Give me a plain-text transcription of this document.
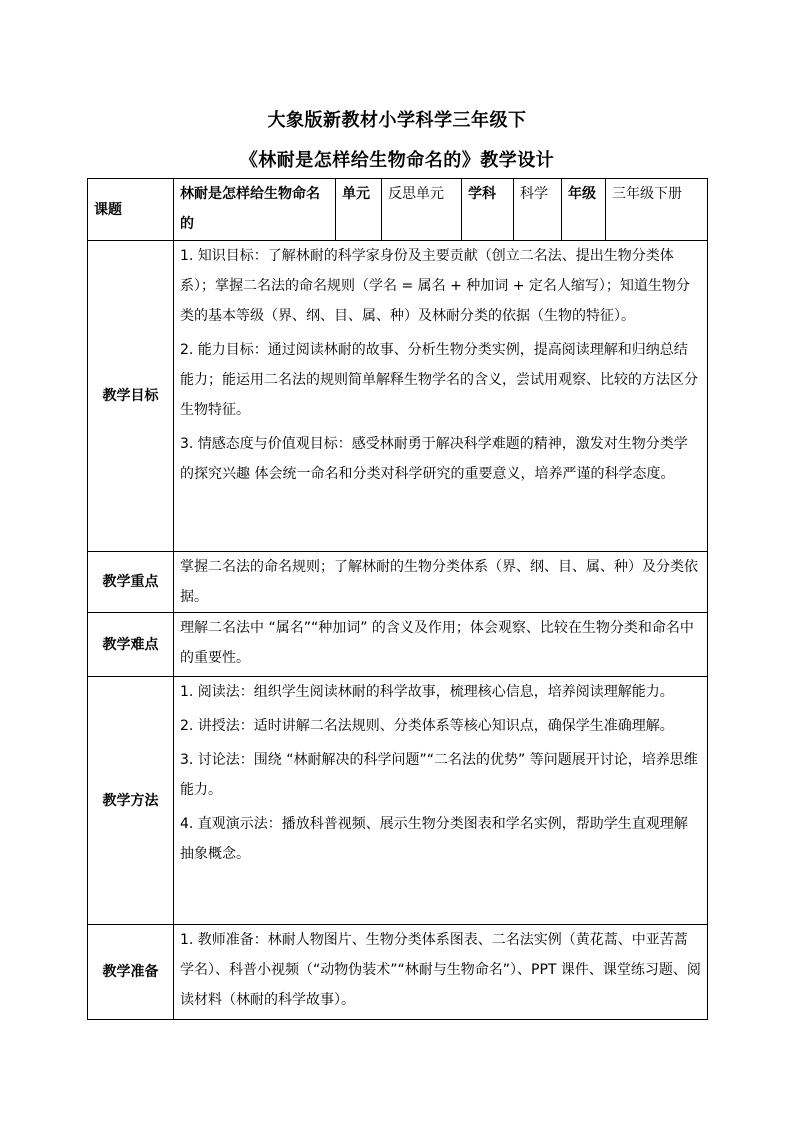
大象版新教材小学科学三年级下
《林耐是怎样给生物命名的》教学设计
课题	林耐是怎样给生物命名的	单元	反思单元	学科	科学	年级	三年级下册
教学目标	1. 知识目标：了解林耐的科学家身份及主要贡献（创立二名法、提出生物分类体系）；掌握二名法的命名规则（学名 = 属名 + 种加词 + 定名人缩写）；知道生物分类的基本等级（界、纲、目、属、种）及林耐分类的依据（生物的特征）。
2. 能力目标：通过阅读林耐的故事、分析生物分类实例，提高阅读理解和归纳总结能力；能运用二名法的规则简单解释生物学名的含义，尝试用观察、比较的方法区分生物特征。
3. 情感态度与价值观目标：感受林耐勇于解决科学难题的精神，激发对生物分类学的探究兴趣 体会统一命名和分类对科学研究的重要意义，培养严谨的科学态度。						

教学重点	掌握二名法的命名规则；了解林耐的生物分类体系（界、纲、目、属、种）及分类依据。						
教学难点	理解二名法中 “属名”“种加词” 的含义及作用；体会观察、比较在生物分类和命名中的重要性。						
教学方法	1. 阅读法：组织学生阅读林耐的科学故事，梳理核心信息，培养阅读理解能力。
2. 讲授法：适时讲解二名法规则、分类体系等核心知识点，确保学生准确理解。
3. 讨论法：围绕 “林耐解决的科学问题”“二名法的优势” 等问题展开讨论，培养思维能力。
4. 直观演示法：播放科普视频、展示生物分类图表和学名实例，帮助学生直观理解抽象概念。						

教学准备	1. 教师准备：林耐人物图片、生物分类体系图表、二名法实例（黄花蒿、中亚苦蒿学名）、科普小视频（“动物伪装术”“林耐与生物命名”）、PPT 课件、课堂练习题、阅读材料（林耐的科学故事）。						
